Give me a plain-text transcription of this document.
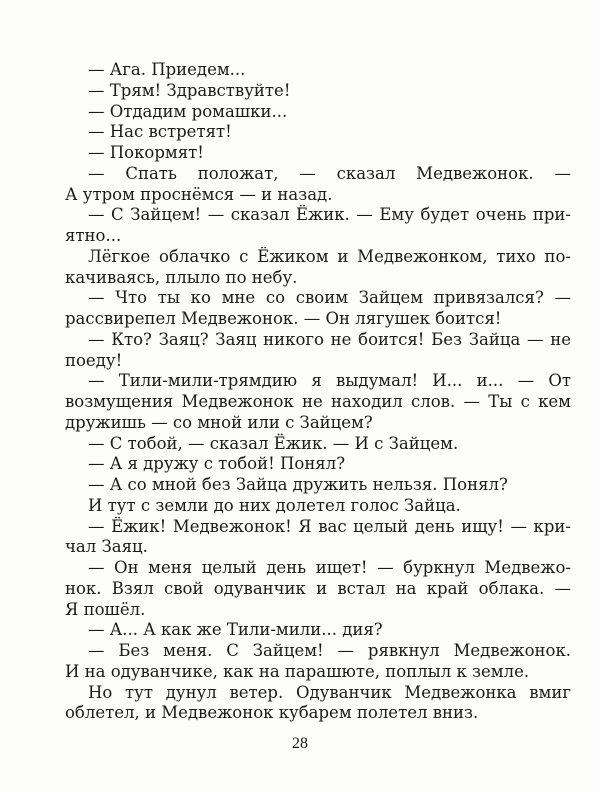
— Ага. Приедем...
— Трям! Здравствуйте!
— Отдадим ромашки...
— Нас встретят!
— Покормят!
— Спать положат, — сказал Медвежонок. —
А утром проснёмся — и назад.
— С Зайцем! — сказал Ёжик. — Ему будет очень при-
ятно...
Лёгкое облачко с Ёжиком и Медвежонком, тихо по-
качиваясь, плыло по небу.
— Что ты ко мне со своим Зайцем привязался? —
рассвирепел Медвежонок. — Он лягушек боится!
— Кто? Заяц? Заяц никого не боится! Без Зайца — не
поеду!
— Тили-мили-трямдию я выдумал! И... и... — От
возмущения Медвежонок не находил слов. — Ты с кем
дружишь — со мной или с Зайцем?
— С тобой, — сказал Ёжик. — И с Зайцем.
— А я дружу с тобой! Понял?
— А со мной без Зайца дружить нельзя. Понял?
И тут с земли до них долетел голос Зайца.
— Ёжик! Медвежонок! Я вас целый день ищу! — кри-
чал Заяц.
— Он меня целый день ищет! — буркнул Медвежо-
нок. Взял свой одуванчик и встал на край облака. —
Я пошёл.
— А... А как же Тили-мили... дия?
— Без меня. С Зайцем! — рявкнул Медвежонок.
И на одуванчике, как на парашюте, поплыл к земле.
Но тут дунул ветер. Одуванчик Медвежонка вмиг
облетел, и Медвежонок кубарем полетел вниз.
28
